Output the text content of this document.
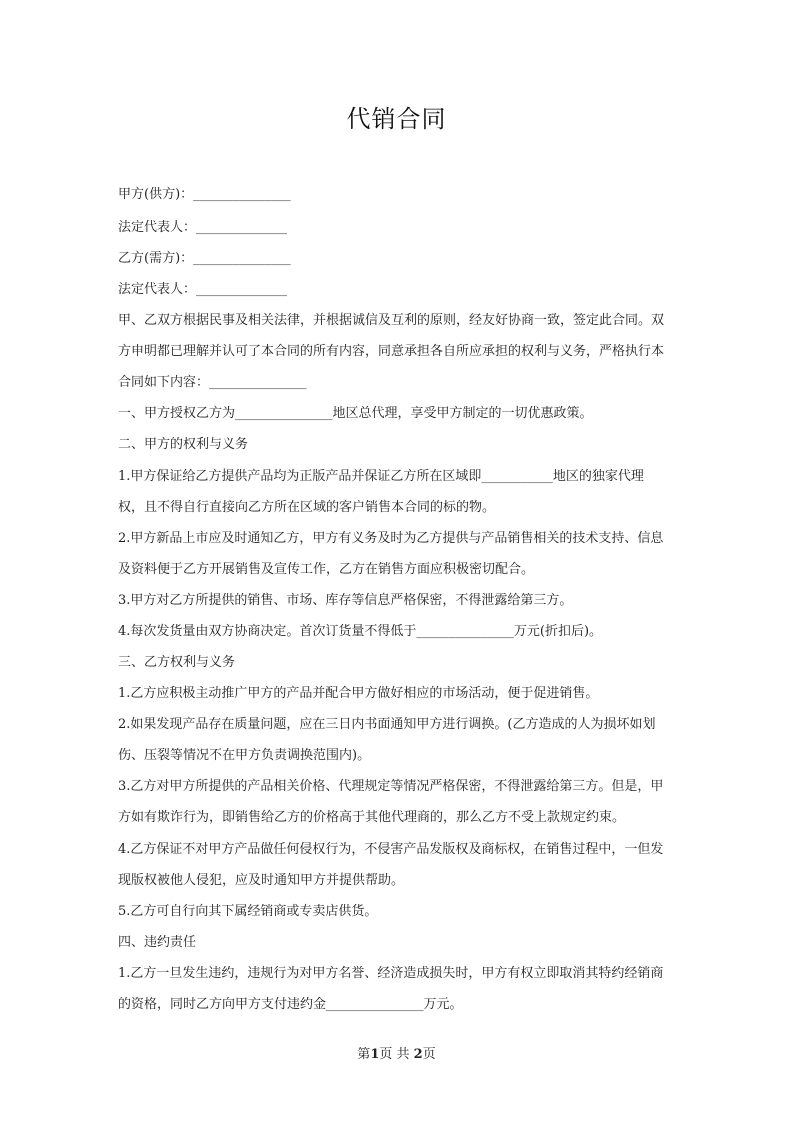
代销合同
甲方(供方)：_______________
法定代表人：______________
乙方(需方)：_______________
法定代表人：______________
甲、乙双方根据民事及相关法律，并根据诚信及互利的原则，经友好协商一致，签定此合同。双
方申明都已理解并认可了本合同的所有内容，同意承担各自所应承担的权利与义务，严格执行本
合同如下内容：_______________
一、甲方授权乙方为_______________地区总代理，享受甲方制定的一切优惠政策。
二、甲方的权利与义务
1.甲方保证给乙方提供产品均为正版产品并保证乙方所在区域即___________地区的独家代理
权，且不得自行直接向乙方所在区域的客户销售本合同的标的物。
2.甲方新品上市应及时通知乙方，甲方有义务及时为乙方提供与产品销售相关的技术支持、信息
及资料便于乙方开展销售及宣传工作，乙方在销售方面应积极密切配合。
3.甲方对乙方所提供的销售、市场、库存等信息严格保密，不得泄露给第三方。
4.每次发货量由双方协商决定。首次订货量不得低于_______________万元(折扣后)。
三、乙方权利与义务
1.乙方应积极主动推广甲方的产品并配合甲方做好相应的市场活动，便于促进销售。
2.如果发现产品存在质量问题，应在三日内书面通知甲方进行调换。(乙方造成的人为损坏如划
伤、压裂等情况不在甲方负责调换范围内)。
3.乙方对甲方所提供的产品相关价格、代理规定等情况严格保密，不得泄露给第三方。但是，甲
方如有欺诈行为，即销售给乙方的价格高于其他代理商的，那么乙方不受上款规定约束。
4.乙方保证不对甲方产品做任何侵权行为，不侵害产品发版权及商标权，在销售过程中，一但发
现版权被他人侵犯，应及时通知甲方并提供帮助。
5.乙方可自行向其下属经销商或专卖店供货。
四、违约责任
1.乙方一旦发生违约，违规行为对甲方名誉、经济造成损失时，甲方有权立即取消其特约经销商
的资格，同时乙方向甲方支付违约金_______________万元。
第1页 共 2页
